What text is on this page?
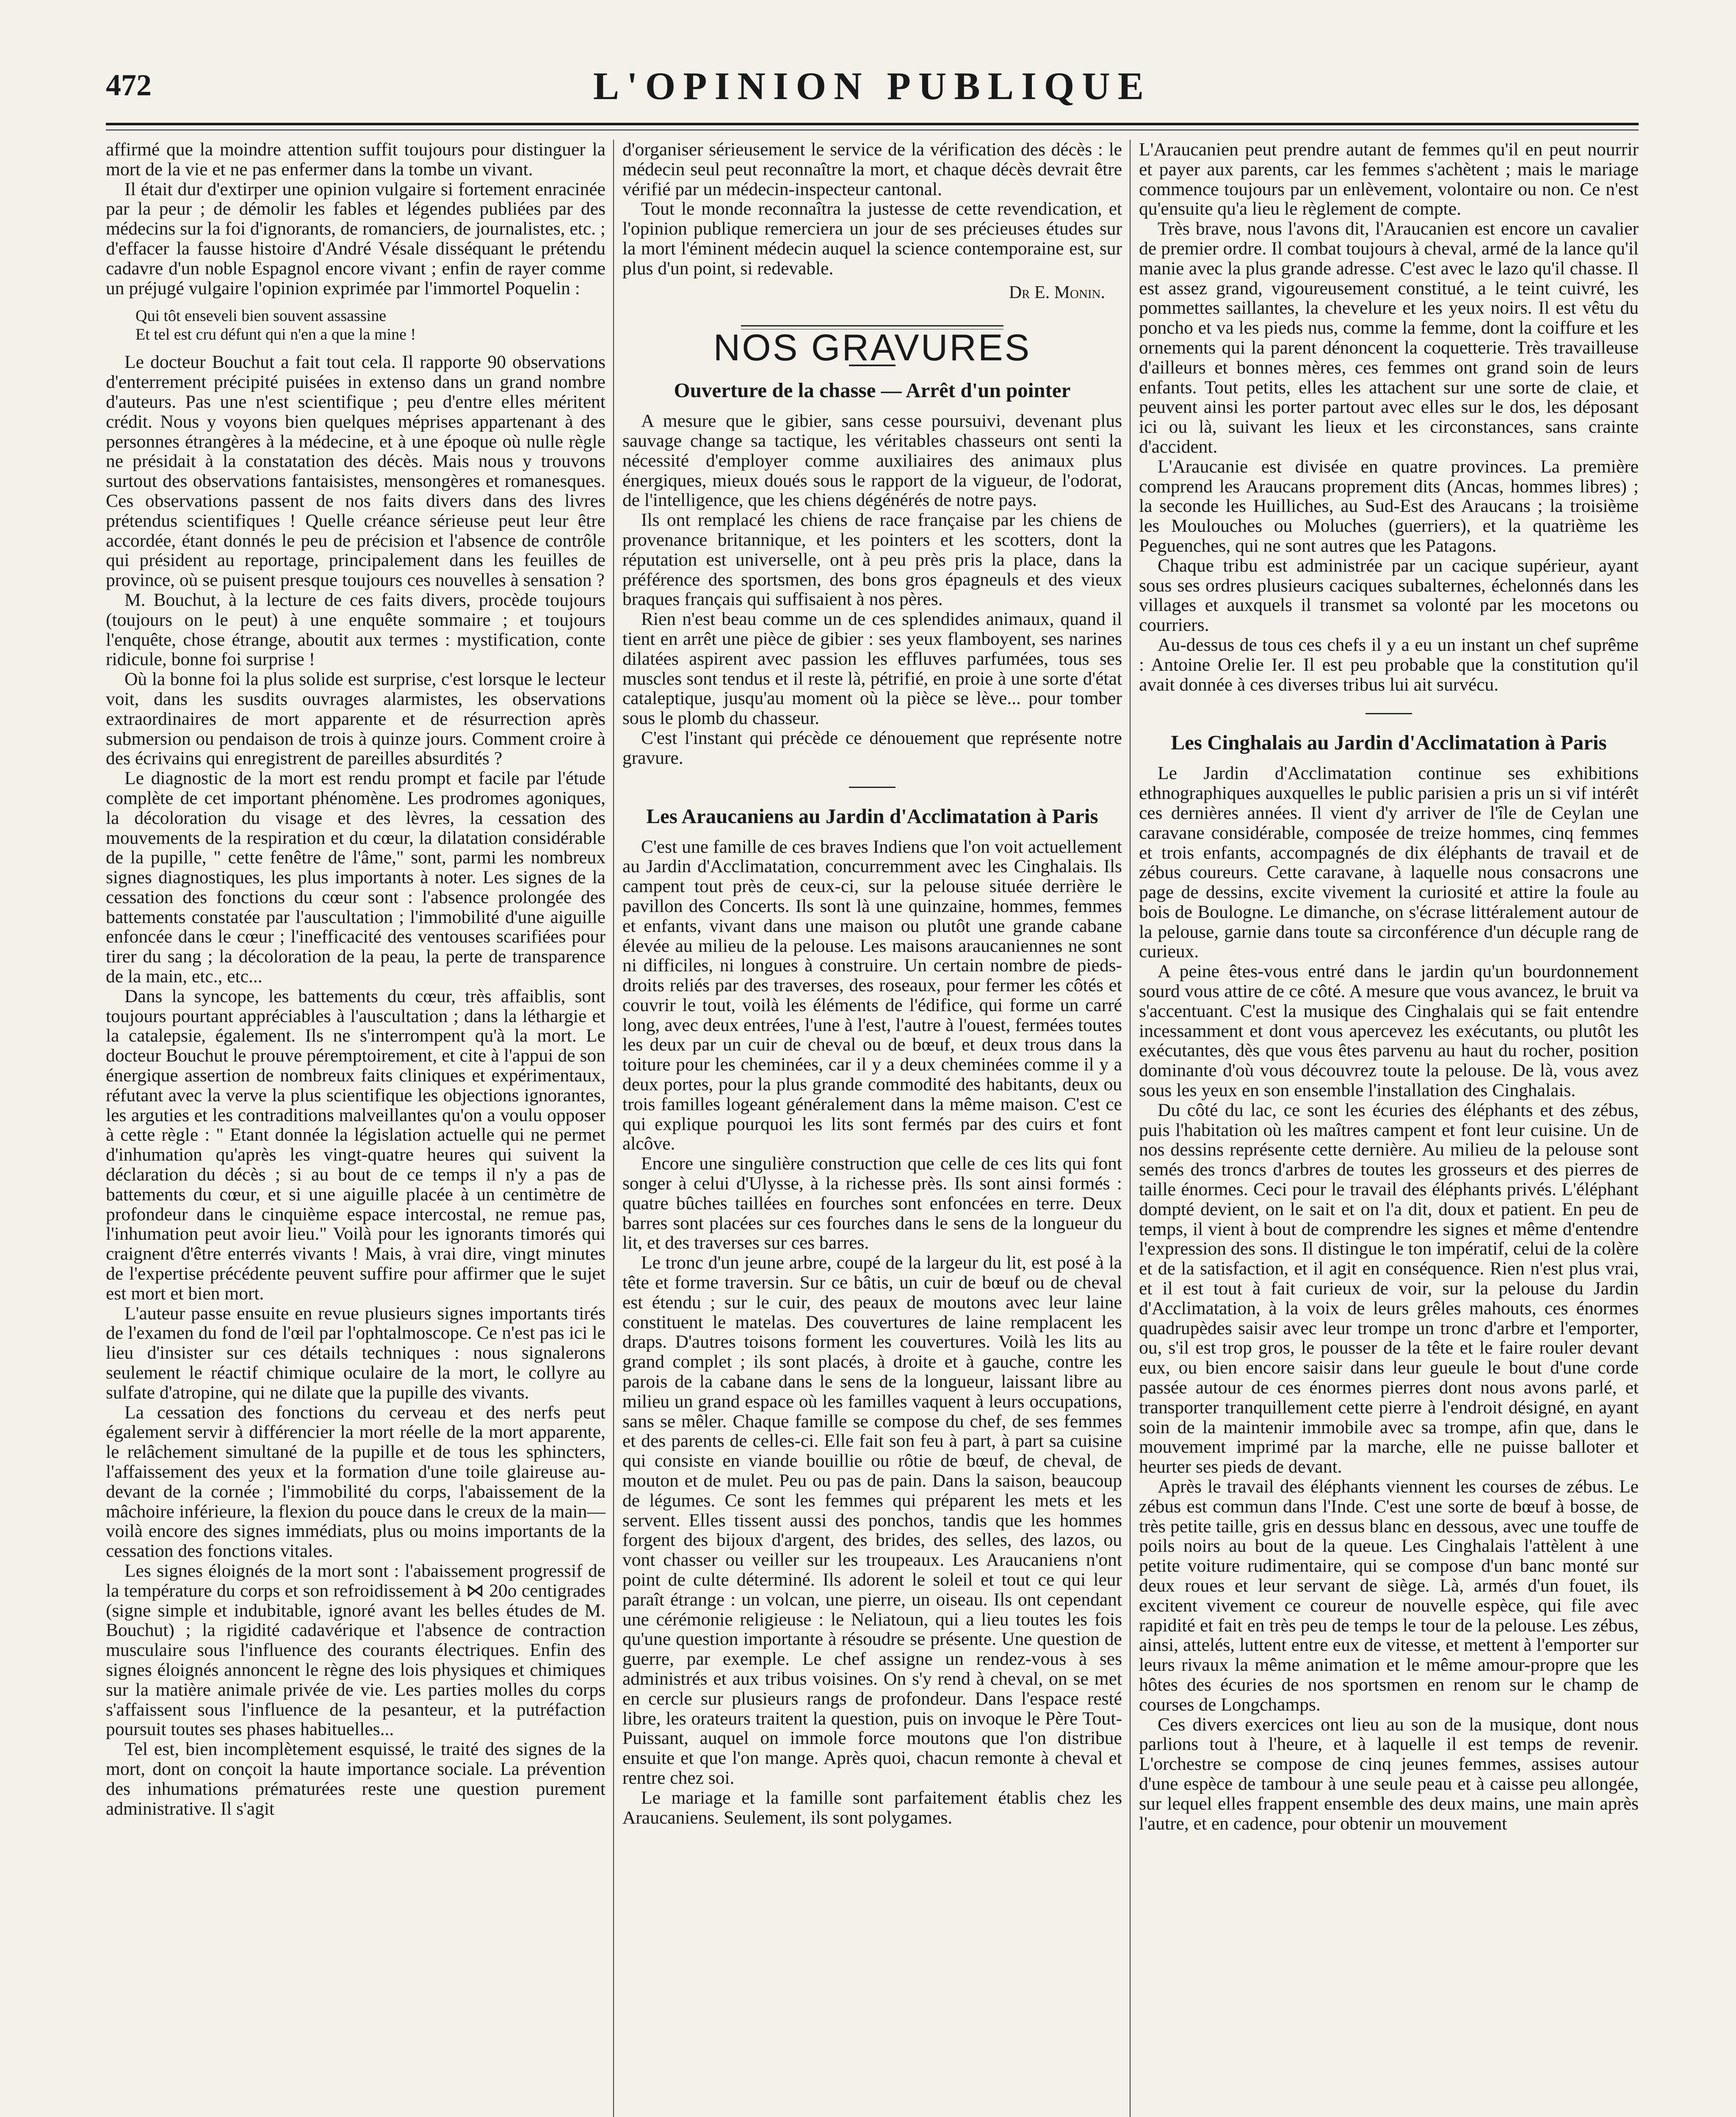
472	L'OPINION PUBLIQUE

affirmé que la moindre attention suffit toujours pour distinguer la mort de la vie et ne pas enfermer dans la tombe un vivant.

Il était dur d'extirper une opinion vulgaire si fortement enracinée par la peur ; de démolir les fables et légendes publiées par des médecins sur la foi d'ignorants, de romanciers, de journalistes, etc. ; d'effacer la fausse histoire d'André Vésale disséquant le prétendu cadavre d'un noble Espagnol encore vivant ; enfin de rayer comme un préjugé vulgaire l'opinion exprimée par l'immortel Poquelin :

Qui tôt enseveli bien souvent assassine
Et tel est cru défunt qui n'en a que la mine !

Le docteur Bouchut a fait tout cela. Il rapporte 90 observations d'enterrement précipité puisées in extenso dans un grand nombre d'auteurs. Pas une n'est scientifique ; peu d'entre elles méritent crédit. Nous y voyons bien quelques méprises appartenant à des personnes étrangères à la médecine, et à une époque où nulle règle ne présidait à la constatation des décès. Mais nous y trouvons surtout des observations fantaisistes, mensongères et romanesques. Ces observations passent de nos faits divers dans des livres prétendus scientifiques ! Quelle créance sérieuse peut leur être accordée, étant donnés le peu de précision et l'absence de contrôle qui président au reportage, principalement dans les feuilles de province, où se puisent presque toujours ces nouvelles à sensation ?

M. Bouchut, à la lecture de ces faits divers, procède toujours (toujours on le peut) à une enquête sommaire ; et toujours l'enquête, chose étrange, aboutit aux termes : mystification, conte ridicule, bonne foi surprise !

Où la bonne foi la plus solide est surprise, c'est lorsque le lecteur voit, dans les susdits ouvrages alarmistes, les observations extraordinaires de mort apparente et de résurrection après submersion ou pendaison de trois à quinze jours. Comment croire à des écrivains qui enregistrent de pareilles absurdités ?

Le diagnostic de la mort est rendu prompt et facile par l'étude complète de cet important phénomène. Les prodromes agoniques, la décoloration du visage et des lèvres, la cessation des mouvements de la respiration et du cœur, la dilatation considérable de la pupille, " cette fenêtre de l'âme," sont, parmi les nombreux signes diagnostiques, les plus importants à noter. Les signes de la cessation des fonctions du cœur sont : l'absence prolongée des battements constatée par l'auscultation ; l'immobilité d'une aiguille enfoncée dans le cœur ; l'inefficacité des ventouses scarifiées pour tirer du sang ; la décoloration de la peau, la perte de transparence de la main, etc., etc...

Dans la syncope, les battements du cœur, très affaiblis, sont toujours pourtant appréciables à l'auscultation ; dans la léthargie et la catalepsie, également. Ils ne s'interrompent qu'à la mort. Le docteur Bouchut le prouve péremptoirement, et cite à l'appui de son énergique assertion de nombreux faits cliniques et expérimentaux, réfutant avec la verve la plus scientifique les objections ignorantes, les arguties et les contraditions malveillantes qu'on a voulu opposer à cette règle : " Etant donnée la législation actuelle qui ne permet d'inhumation qu'après les vingt-quatre heures qui suivent la déclaration du décès ; si au bout de ce temps il n'y a pas de battements du cœur, et si une aiguille placée à un centimètre de profondeur dans le cinquième espace intercostal, ne remue pas, l'inhumation peut avoir lieu." Voilà pour les ignorants timorés qui craignent d'être enterrés vivants ! Mais, à vrai dire, vingt minutes de l'expertise précédente peuvent suffire pour affirmer que le sujet est mort et bien mort.

L'auteur passe ensuite en revue plusieurs signes importants tirés de l'examen du fond de l'œil par l'ophtalmoscope. Ce n'est pas ici le lieu d'insister sur ces détails techniques : nous signalerons seulement le réactif chimique oculaire de la mort, le collyre au sulfate d'atropine, qui ne dilate que la pupille des vivants.

La cessation des fonctions du cerveau et des nerfs peut également servir à différencier la mort réelle de la mort apparente, le relâchement simultané de la pupille et de tous les sphincters, l'affaissement des yeux et la formation d'une toile glaireuse au-devant de la cornée ; l'immobilité du corps, l'abaissement de la mâchoire inférieure, la flexion du pouce dans le creux de la main—voilà encore des signes immédiats, plus ou moins importants de la cessation des fonctions vitales.

Les signes éloignés de la mort sont : l'abaissement progressif de la température du corps et son refroidissement à ⋈ 20o centigrades (signe simple et indubitable, ignoré avant les belles études de M. Bouchut) ; la rigidité cadavérique et l'absence de contraction musculaire sous l'influence des courants électriques. Enfin des signes éloignés annoncent le règne des lois physiques et chimiques sur la matière animale privée de vie. Les parties molles du corps s'affaissent sous l'influence de la pesanteur, et la putréfaction poursuit toutes ses phases habituelles...

Tel est, bien incomplètement esquissé, le traité des signes de la mort, dont on conçoit la haute importance sociale. La prévention des inhumations prématurées reste une question purement administrative. Il s'agit

d'organiser sérieusement le service de la vérification des décès : le médecin seul peut reconnaître la mort, et chaque décès devrait être vérifié par un médecin-inspecteur cantonal.

Tout le monde reconnaîtra la justesse de cette revendication, et l'opinion publique remerciera un jour de ses précieuses études sur la mort l'éminent médecin auquel la science contemporaine est, sur plus d'un point, si redevable.

Dr E. Monin.
NOS GRAVURES
Ouverture de la chasse — Arrêt d'un pointer

A mesure que le gibier, sans cesse poursuivi, devenant plus sauvage change sa tactique, les véritables chasseurs ont senti la nécessité d'employer comme auxiliaires des animaux plus énergiques, mieux doués sous le rapport de la vigueur, de l'odorat, de l'intelligence, que les chiens dégénérés de notre pays.

Ils ont remplacé les chiens de race française par les chiens de provenance britannique, et les pointers et les scotters, dont la réputation est universelle, ont à peu près pris la place, dans la préférence des sportsmen, des bons gros épagneuls et des vieux braques français qui suffisaient à nos pères.

Rien n'est beau comme un de ces splendides animaux, quand il tient en arrêt une pièce de gibier : ses yeux flamboyent, ses narines dilatées aspirent avec passion les effluves parfumées, tous ses muscles sont tendus et il reste là, pétrifié, en proie à une sorte d'état cataleptique, jusqu'au moment où la pièce se lève... pour tomber sous le plomb du chasseur.

C'est l'instant qui précède ce dénouement que représente notre gravure.

Les Araucaniens au Jardin d'Acclimatation à Paris

C'est une famille de ces braves Indiens que l'on voit actuellement au Jardin d'Acclimatation, concurremment avec les Cinghalais. Ils campent tout près de ceux-ci, sur la pelouse située derrière le pavillon des Concerts. Ils sont là une quinzaine, hommes, femmes et enfants, vivant dans une maison ou plutôt une grande cabane élevée au milieu de la pelouse. Les maisons araucaniennes ne sont ni difficiles, ni longues à construire. Un certain nombre de pieds-droits reliés par des traverses, des roseaux, pour fermer les côtés et couvrir le tout, voilà les éléments de l'édifice, qui forme un carré long, avec deux entrées, l'une à l'est, l'autre à l'ouest, fermées toutes les deux par un cuir de cheval ou de bœuf, et deux trous dans la toiture pour les cheminées, car il y a deux cheminées comme il y a deux portes, pour la plus grande commodité des habitants, deux ou trois familles logeant généralement dans la même maison. C'est ce qui explique pourquoi les lits sont fermés par des cuirs et font alcôve.

Encore une singulière construction que celle de ces lits qui font songer à celui d'Ulysse, à la richesse près. Ils sont ainsi formés : quatre bûches taillées en fourches sont enfoncées en terre. Deux barres sont placées sur ces fourches dans le sens de la longueur du lit, et des traverses sur ces barres.

Le tronc d'un jeune arbre, coupé de la largeur du lit, est posé à la tête et forme traversin. Sur ce bâtis, un cuir de bœuf ou de cheval est étendu ; sur le cuir, des peaux de moutons avec leur laine constituent le matelas. Des couvertures de laine remplacent les draps. D'autres toisons forment les couvertures. Voilà les lits au grand complet ; ils sont placés, à droite et à gauche, contre les parois de la cabane dans le sens de la longueur, laissant libre au milieu un grand espace où les familles vaquent à leurs occupations, sans se mêler. Chaque famille se compose du chef, de ses femmes et des parents de celles-ci. Elle fait son feu à part, à part sa cuisine qui consiste en viande bouillie ou rôtie de bœuf, de cheval, de mouton et de mulet. Peu ou pas de pain. Dans la saison, beaucoup de légumes. Ce sont les femmes qui préparent les mets et les servent. Elles tissent aussi des ponchos, tandis que les hommes forgent des bijoux d'argent, des brides, des selles, des lazos, ou vont chasser ou veiller sur les troupeaux. Les Araucaniens n'ont point de culte déterminé. Ils adorent le soleil et tout ce qui leur paraît étrange : un volcan, une pierre, un oiseau. Ils ont cependant une cérémonie religieuse : le Neliatoun, qui a lieu toutes les fois qu'une question importante à résoudre se présente. Une question de guerre, par exemple. Le chef assigne un rendez-vous à ses administrés et aux tribus voisines. On s'y rend à cheval, on se met en cercle sur plusieurs rangs de profondeur. Dans l'espace resté libre, les orateurs traitent la question, puis on invoque le Père Tout-Puissant, auquel on immole force moutons que l'on distribue ensuite et que l'on mange. Après quoi, chacun remonte à cheval et rentre chez soi.

Le mariage et la famille sont parfaitement établis chez les Araucaniens. Seulement, ils sont polygames.

L'Araucanien peut prendre autant de femmes qu'il en peut nourrir et payer aux parents, car les femmes s'achètent ; mais le mariage commence toujours par un enlèvement, volontaire ou non. Ce n'est qu'ensuite qu'a lieu le règlement de compte.

Très brave, nous l'avons dit, l'Araucanien est encore un cavalier de premier ordre. Il combat toujours à cheval, armé de la lance qu'il manie avec la plus grande adresse. C'est avec le lazo qu'il chasse. Il est assez grand, vigoureusement constitué, a le teint cuivré, les pommettes saillantes, la chevelure et les yeux noirs. Il est vêtu du poncho et va les pieds nus, comme la femme, dont la coiffure et les ornements qui la parent dénoncent la coquetterie. Très travailleuse d'ailleurs et bonnes mères, ces femmes ont grand soin de leurs enfants. Tout petits, elles les attachent sur une sorte de claie, et peuvent ainsi les porter partout avec elles sur le dos, les déposant ici ou là, suivant les lieux et les circonstances, sans crainte d'accident.

L'Araucanie est divisée en quatre provinces. La première comprend les Araucans proprement dits (Ancas, hommes libres) ; la seconde les Huilliches, au Sud-Est des Araucans ; la troisième les Moulouches ou Moluches (guerriers), et la quatrième les Peguenches, qui ne sont autres que les Patagons.

Chaque tribu est administrée par un cacique supérieur, ayant sous ses ordres plusieurs caciques subalternes, échelonnés dans les villages et auxquels il transmet sa volonté par les mocetons ou courriers.

Au-dessus de tous ces chefs il y a eu un instant un chef suprême : Antoine Orelie Ier. Il est peu probable que la constitution qu'il avait donnée à ces diverses tribus lui ait survécu.

Les Cinghalais au Jardin d'Acclimatation à Paris

Le Jardin d'Acclimatation continue ses exhibitions ethnographiques auxquelles le public parisien a pris un si vif intérêt ces dernières années. Il vient d'y arriver de l'île de Ceylan une caravane considérable, composée de treize hommes, cinq femmes et trois enfants, accompagnés de dix éléphants de travail et de zébus coureurs. Cette caravane, à laquelle nous consacrons une page de dessins, excite vivement la curiosité et attire la foule au bois de Boulogne. Le dimanche, on s'écrase littéralement autour de la pelouse, garnie dans toute sa circonférence d'un décuple rang de curieux.

A peine êtes-vous entré dans le jardin qu'un bourdonnement sourd vous attire de ce côté. A mesure que vous avancez, le bruit va s'accentuant. C'est la musique des Cinghalais qui se fait entendre incessamment et dont vous apercevez les exécutants, ou plutôt les exécutantes, dès que vous êtes parvenu au haut du rocher, position dominante d'où vous découvrez toute la pelouse. De là, vous avez sous les yeux en son ensemble l'installation des Cinghalais.

Du côté du lac, ce sont les écuries des éléphants et des zébus, puis l'habitation où les maîtres campent et font leur cuisine. Un de nos dessins représente cette dernière. Au milieu de la pelouse sont semés des troncs d'arbres de toutes les grosseurs et des pierres de taille énormes. Ceci pour le travail des éléphants privés. L'éléphant dompté devient, on le sait et on l'a dit, doux et patient. En peu de temps, il vient à bout de comprendre les signes et même d'entendre l'expression des sons. Il distingue le ton impératif, celui de la colère et de la satisfaction, et il agit en conséquence. Rien n'est plus vrai, et il est tout à fait curieux de voir, sur la pelouse du Jardin d'Acclimatation, à la voix de leurs grêles mahouts, ces énormes quadrupèdes saisir avec leur trompe un tronc d'arbre et l'emporter, ou, s'il est trop gros, le pousser de la tête et le faire rouler devant eux, ou bien encore saisir dans leur gueule le bout d'une corde passée autour de ces énormes pierres dont nous avons parlé, et transporter tranquillement cette pierre à l'endroit désigné, en ayant soin de la maintenir immobile avec sa trompe, afin que, dans le mouvement imprimé par la marche, elle ne puisse balloter et heurter ses pieds de devant.

Après le travail des éléphants viennent les courses de zébus. Le zébus est commun dans l'Inde. C'est une sorte de bœuf à bosse, de très petite taille, gris en dessus blanc en dessous, avec une touffe de poils noirs au bout de la queue. Les Cinghalais l'attèlent à une petite voiture rudimentaire, qui se compose d'un banc monté sur deux roues et leur servant de siège. Là, armés d'un fouet, ils excitent vivement ce coureur de nouvelle espèce, qui file avec rapidité et fait en très peu de temps le tour de la pelouse. Les zébus, ainsi, attelés, luttent entre eux de vitesse, et mettent à l'emporter sur leurs rivaux la même animation et le même amour-propre que les hôtes des écuries de nos sportsmen en renom sur le champ de courses de Longchamps.

Ces divers exercices ont lieu au son de la musique, dont nous parlions tout à l'heure, et à laquelle il est temps de revenir. L'orchestre se compose de cinq jeunes femmes, assises autour d'une espèce de tambour à une seule peau et à caisse peu allongée, sur lequel elles frappent ensemble des deux mains, une main après l'autre, et en cadence, pour obtenir un mouvement
